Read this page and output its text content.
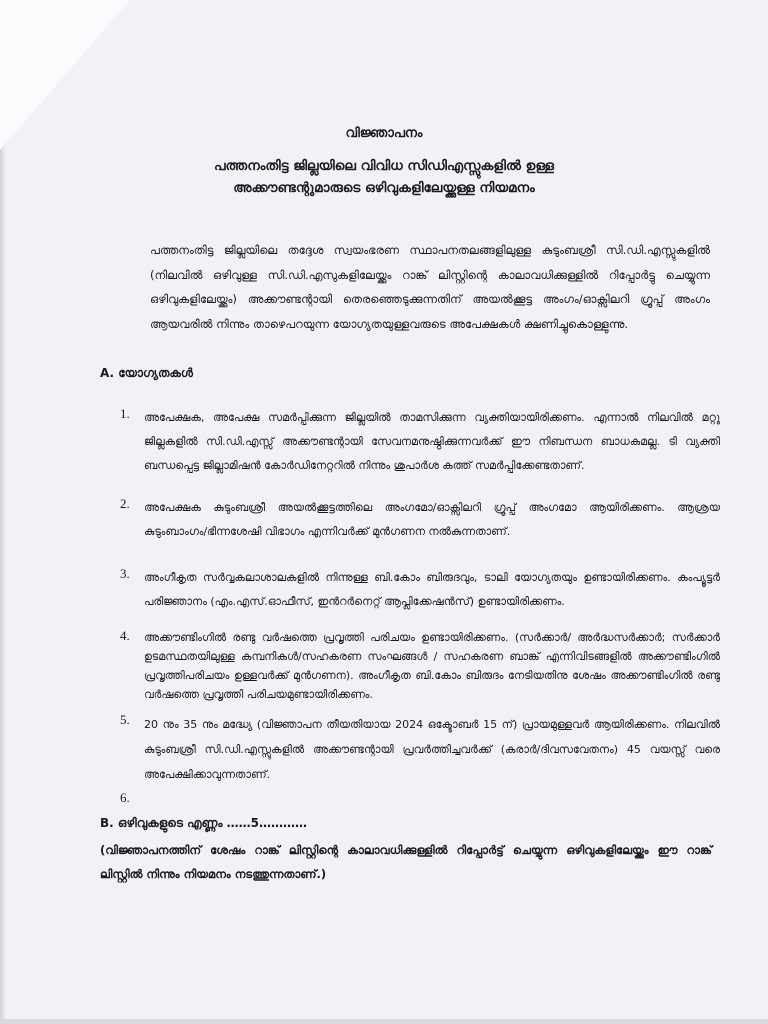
വിജ്ഞാപനം
പത്തനംതിട്ട ജില്ലയിലെ വിവിധ സിഡിഎസ്സുകളിൽ ഉള്ള
അക്കൗണ്ടന്റുമാരുടെ ഒഴിവുകളിലേയ്ക്കുള്ള നിയമനം
പത്തനംതിട്ട ജില്ലയിലെ തദ്ദേശ സ്വയംഭരണ സ്ഥാപനതലങ്ങളിലുള്ള കുടുംബശ്രീ സി.ഡി.എസ്സുകളിൽ (നിലവിൽ ഒഴിവുള്ള സി.ഡി.എസുകളിലേയ്ക്കും റാങ്ക് ലിസ്റ്റിന്റെ കാലാവധിക്കുള്ളിൽ റിപ്പോർട്ടു ചെയ്യുന്ന ഒഴിവുകളിലേയ്ക്കും) അക്കൗണ്ടന്റായി തെരഞ്ഞെടുക്കുന്നതിന് അയൽക്കൂട്ട അംഗം/ഓക്സിലറി ഗ്രൂപ്പ് അംഗം ആയവരിൽ നിന്നും താഴെപറയുന്ന യോഗ്യതയുള്ളവരുടെ അപേക്ഷകൾ ക്ഷണിച്ചുകൊള്ളുന്നു.
A. യോഗ്യതകൾ
1. അപേക്ഷക, അപേക്ഷ സമർപ്പിക്കുന്ന ജില്ലയിൽ താമസിക്കുന്ന വ്യക്തിയായിരിക്കണം. എന്നാൽ നിലവിൽ മറ്റു ജില്ലകളിൽ സി.ഡി.എസ്സ് അക്കൗണ്ടന്റായി സേവനമനുഷ്ഠിക്കുന്നവർക്ക് ഈ നിബന്ധന ബാധകമല്ല. ടി വ്യക്തി ബന്ധപ്പെട്ട ജില്ലാമിഷൻ കോർഡിനേറ്ററിൽ നിന്നും ശുപാർശ കത്ത് സമർപ്പിക്കേണ്ടതാണ്.
2. അപേക്ഷക കുടുംബശ്രീ അയൽക്കൂട്ടത്തിലെ അംഗമോ/ഓക്സിലറി ഗ്രൂപ്പ് അംഗമോ ആയിരിക്കണം. ആശ്രയ കുടുംബാംഗം/ഭിന്നശേഷി വിഭാഗം എന്നിവർക്ക് മുൻഗണന നൽകുന്നതാണ്.
3. അംഗീകൃത സർവ്വകലാശാലകളിൽ നിന്നുള്ള ബി.കോം ബിരുദവും, ടാലി യോഗ്യതയും ഉണ്ടായിരിക്കണം. കംപ്യൂട്ടർ പരിജ്ഞാനം (എം.എസ്.ഓഫീസ്, ഇൻറർനെറ്റ് ആപ്ലിക്കേഷൻസ്) ഉണ്ടായിരിക്കണം.
4. അക്കൗണ്ടിംഗിൽ രണ്ടു വർഷത്തെ പ്രവൃത്തി പരിചയം ഉണ്ടായിരിക്കണം. (സർക്കാർ/ അർദ്ധസർക്കാർ; സർക്കാർ ഉടമസ്ഥതയിലുള്ള കമ്പനികൾ/സഹകരണ സംഘങ്ങൾ / സഹകരണ ബാങ്ക് എന്നിവിടങ്ങളിൽ അക്കൗണ്ടിംഗിൽ പ്രവൃത്തിപരിചയം ഉള്ളവർക്ക് മുൻഗണന). അംഗീകൃത ബി.കോം ബിരുദം നേടിയതിനു ശേഷം അക്കൗണ്ടിംഗിൽ രണ്ടു വർഷത്തെ പ്രവൃത്തി പരിചയമുണ്ടായിരിക്കണം.
5. 20 നും 35 നും മദ്ധ്യേ (വിജ്ഞാപന തീയതിയായ 2024 ഒക്ടോബർ 15 ന്) പ്രായമുള്ളവർ ആയിരിക്കണം. നിലവിൽ കുടുംബശ്രീ സി.ഡി.എസ്സുകളിൽ അക്കൗണ്ടന്റായി പ്രവർത്തിച്ചവർക്ക് (കരാർ/ദിവസവേതനം) 45 വയസ്സ് വരെ അപേക്ഷിക്കാവുന്നതാണ്.
6.
B. ഒഴിവുകളുടെ എണ്ണം ……5…………
(വിജ്ഞാപനത്തിന് ശേഷം റാങ്ക് ലിസ്റ്റിന്റെ കാലാവധിക്കുള്ളിൽ റിപ്പോർട്ട് ചെയ്യുന്ന ഒഴിവുകളിലേയ്ക്കും ഈ റാങ്ക് ലിസ്റ്റിൽ നിന്നും നിയമനം നടത്തുന്നതാണ്.)
